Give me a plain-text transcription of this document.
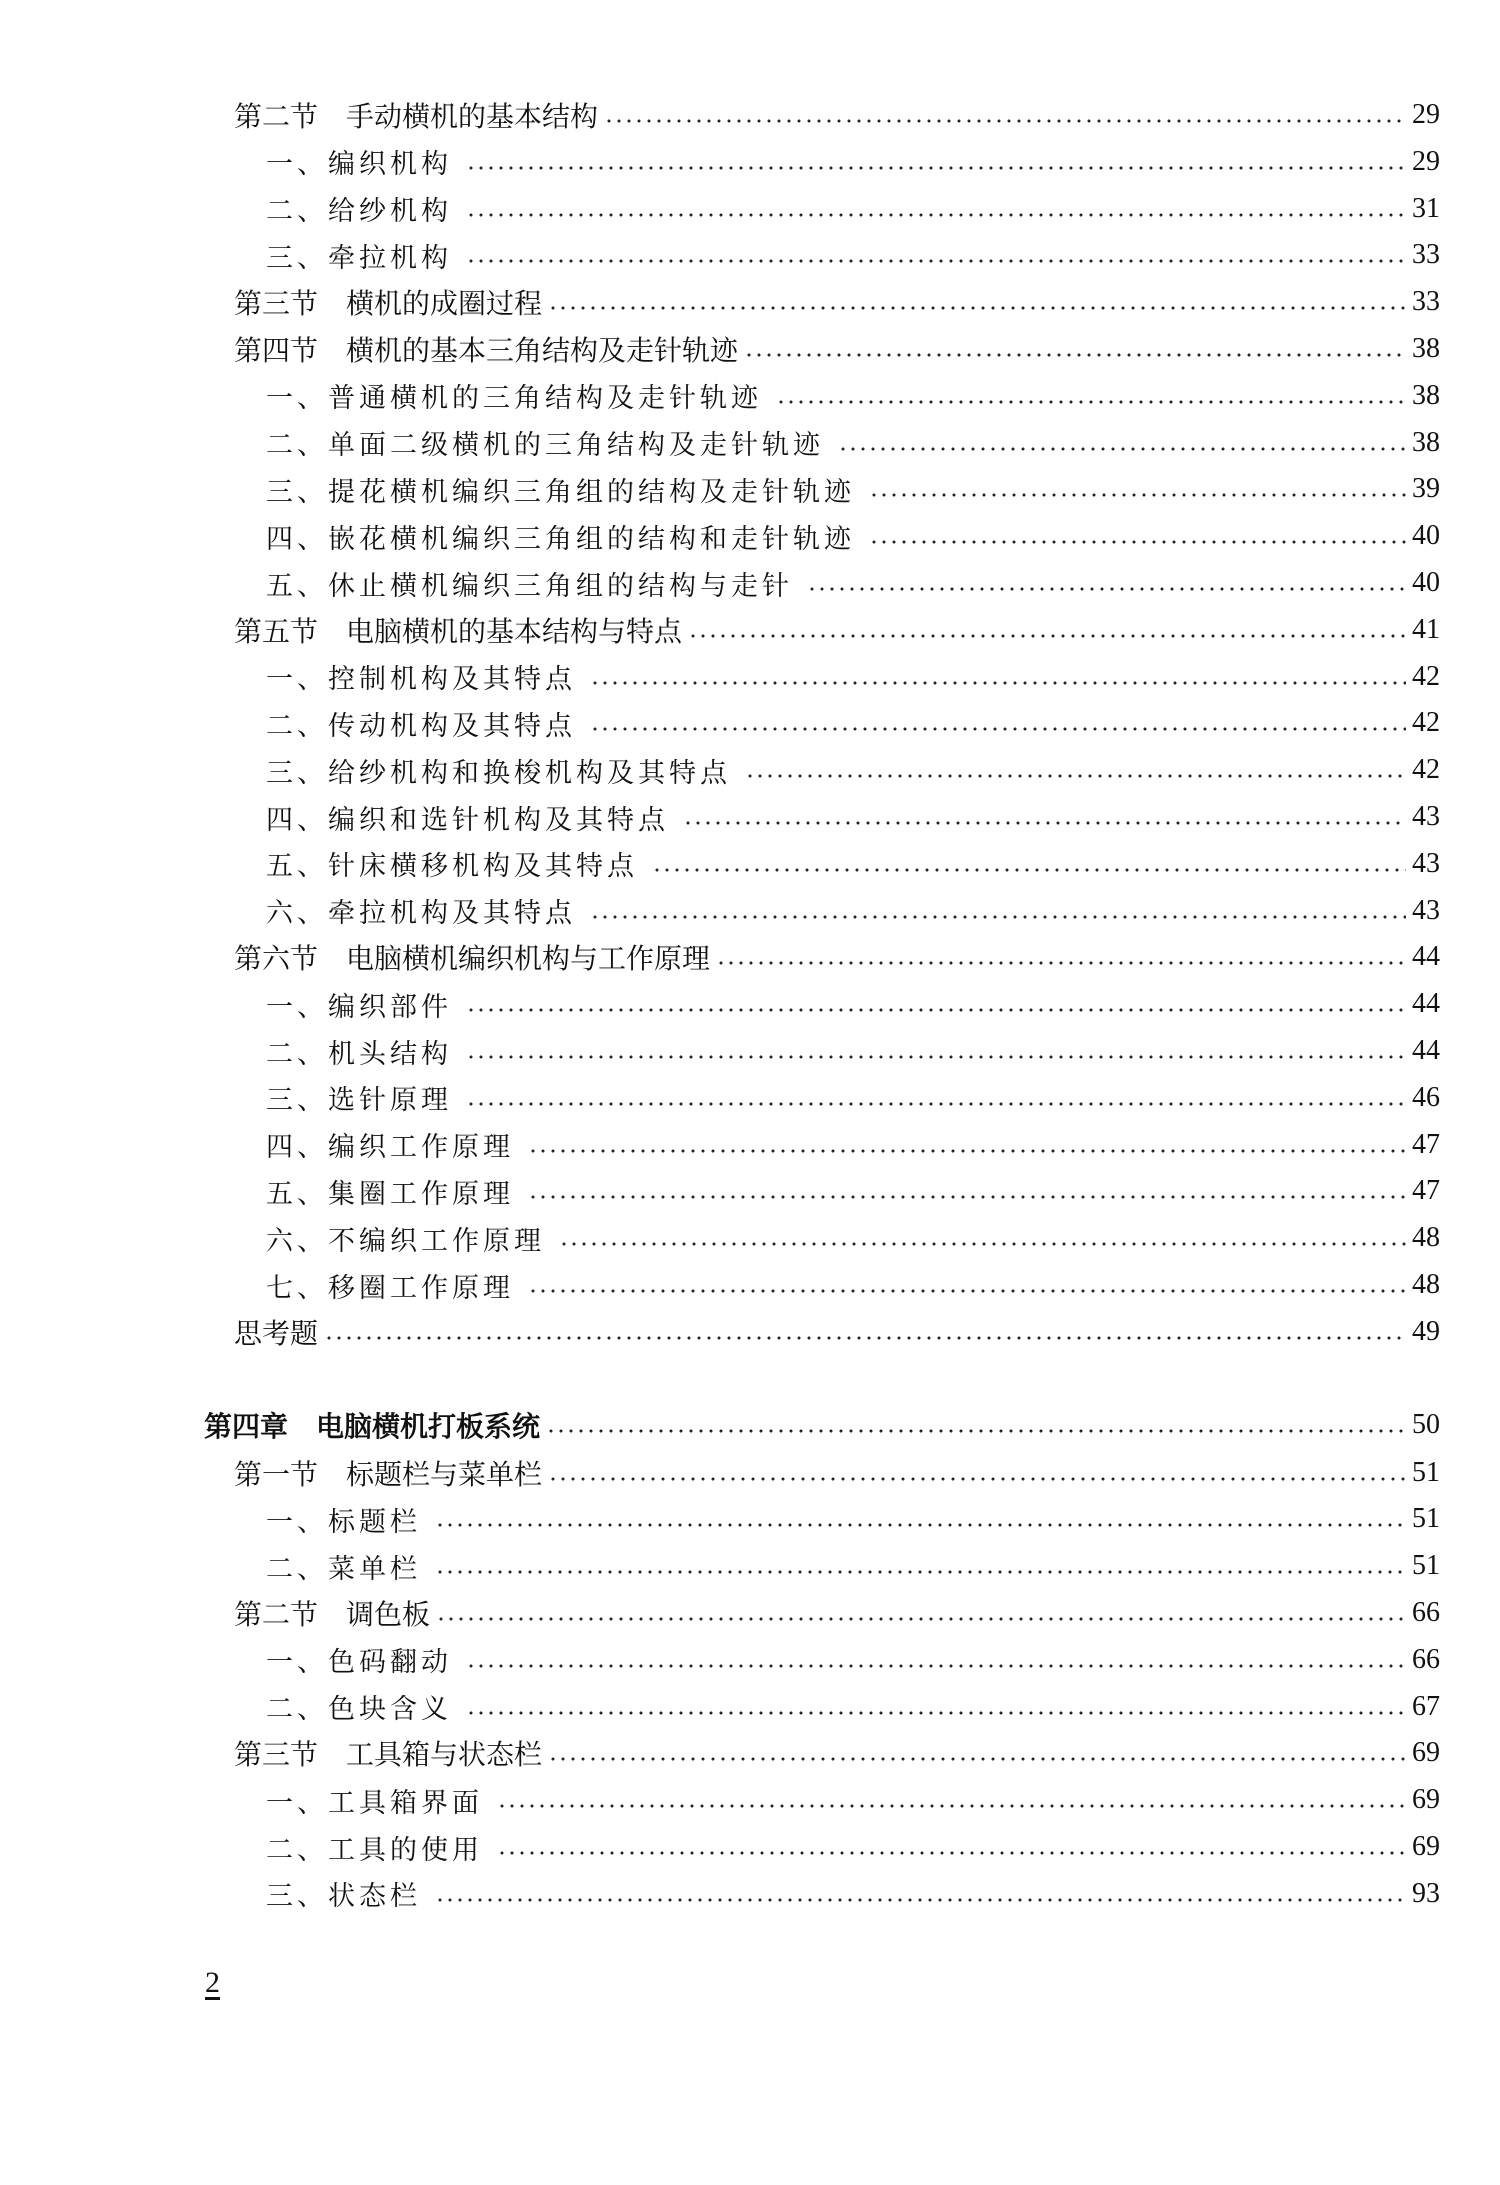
第二节 手动横机的基本结构	29
一、编织机构	29
二、给纱机构	31
三、牵拉机构	33
第三节 横机的成圈过程	33
第四节 横机的基本三角结构及走针轨迹	38
一、普通横机的三角结构及走针轨迹	38
二、单面二级横机的三角结构及走针轨迹	38
三、提花横机编织三角组的结构及走针轨迹	39
四、嵌花横机编织三角组的结构和走针轨迹	40
五、休止横机编织三角组的结构与走针	40
第五节 电脑横机的基本结构与特点	41
一、控制机构及其特点	42
二、传动机构及其特点	42
三、给纱机构和换梭机构及其特点	42
四、编织和选针机构及其特点	43
五、针床横移机构及其特点	43
六、牵拉机构及其特点	43
第六节 电脑横机编织机构与工作原理	44
一、编织部件	44
二、机头结构	44
三、选针原理	46
四、编织工作原理	47
五、集圈工作原理	47
六、不编织工作原理	48
七、移圈工作原理	48
思考题	49
第四章 电脑横机打板系统	50
第一节 标题栏与菜单栏	51
一、标题栏	51
二、菜单栏	51
第二节 调色板	66
一、色码翻动	66
二、色块含义	67
第三节 工具箱与状态栏	69
一、工具箱界面	69
二、工具的使用	69
三、状态栏	93
2
